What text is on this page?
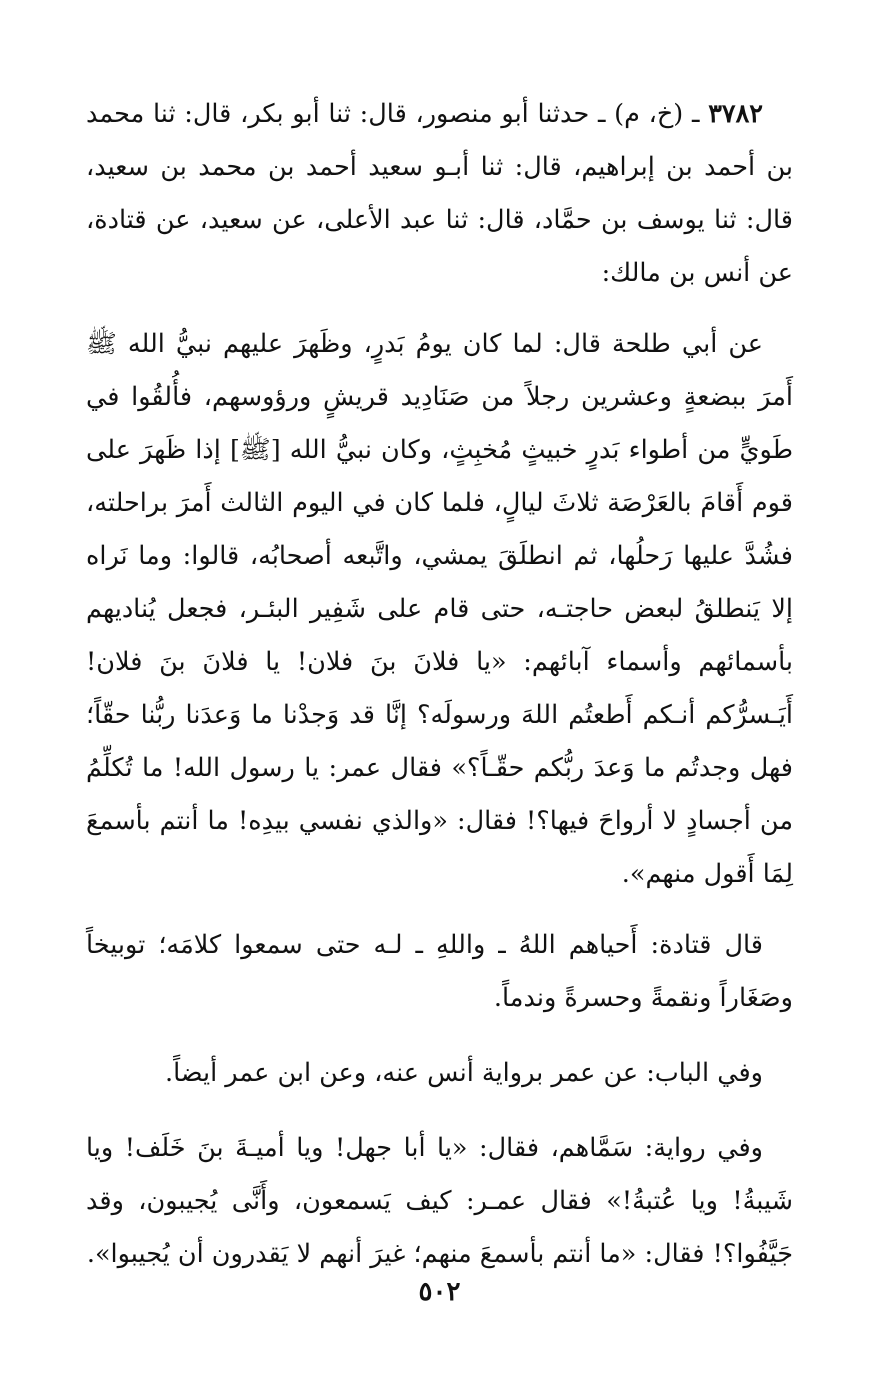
٣٧٨٢ ـ (خ، م) ـ حدثنا أبو منصور، قال: ثنا أبو بكر، قال: ثنا محمد بن أحمد بن إبراهيم، قال: ثنا أبـو سعيد أحمد بن محمد بن سعيد، قال: ثنا يوسف بن حمَّاد، قال: ثنا عبد الأعلى، عن سعيد، عن قتادة، عن أنس بن مالك:

عن أبي طلحة قال: لما كان يومُ بَدرٍ، وظَهرَ عليهم نبيُّ الله ﷺ أَمرَ ببضعةٍ وعشرين رجلاً من صَنَادِيد قريشٍ ورؤوسهم، فأُلقُوا في طَويٍّ من أطواء بَدرٍ خبيثٍ مُخبِثٍ، وكان نبيُّ الله [ﷺ] إذا ظَهرَ على قوم أَقامَ بالعَرْصَة ثلاثَ ليالٍ، فلما كان في اليوم الثالث أَمرَ براحلته، فشُدَّ عليها رَحلُها، ثم انطلَقَ يمشي، واتَّبعه أصحابُه، قالوا: وما نَراه إلا يَنطلقُ لبعض حاجتـه، حتى قام على شَفِير البئـر، فجعل يُناديهم بأسمائهم وأسماء آبائهم: «يا فلانَ بنَ فلان! يا فلانَ بنَ فلان! أَيَـسرُّكم أنـكم أَطعتُم اللهَ ورسولَه؟ إنَّا قد وَجدْنا ما وَعدَنا ربُّنا حقّاً؛ فهل وجدتُم ما وَعدَ ربُّكم حقّـاً؟» فقال عمر: يا رسول الله! ما تُكلِّمُ من أجسادٍ لا أرواحَ فيها؟! فقال: «والذي نفسي بيدِه! ما أنتم بأسمعَ لِمَا أَقول منهم».

قال قتادة: أَحياهم اللهُ ـ واللهِ ـ لـه حتى سمعوا كلامَه؛ توبيخاً وصَغَاراً ونقمةً وحسرةً وندماً.

وفي الباب: عن عمر برواية أنس عنه، وعن ابن عمر أيضاً.

وفي رواية: سَمَّاهم، فقال: «يا أبا جهل! ويا أميـةَ بنَ خَلَف! ويا شَيبةُ! ويا عُتبةُ!» فقال عمـر: كيف يَسمعون، وأَنَّى يُجيبون، وقد جَيَّفُوا؟! فقال: «ما أنتم بأسمعَ منهم؛ غيرَ أنهم لا يَقدرون أن يُجيبوا».

٥٠٢
